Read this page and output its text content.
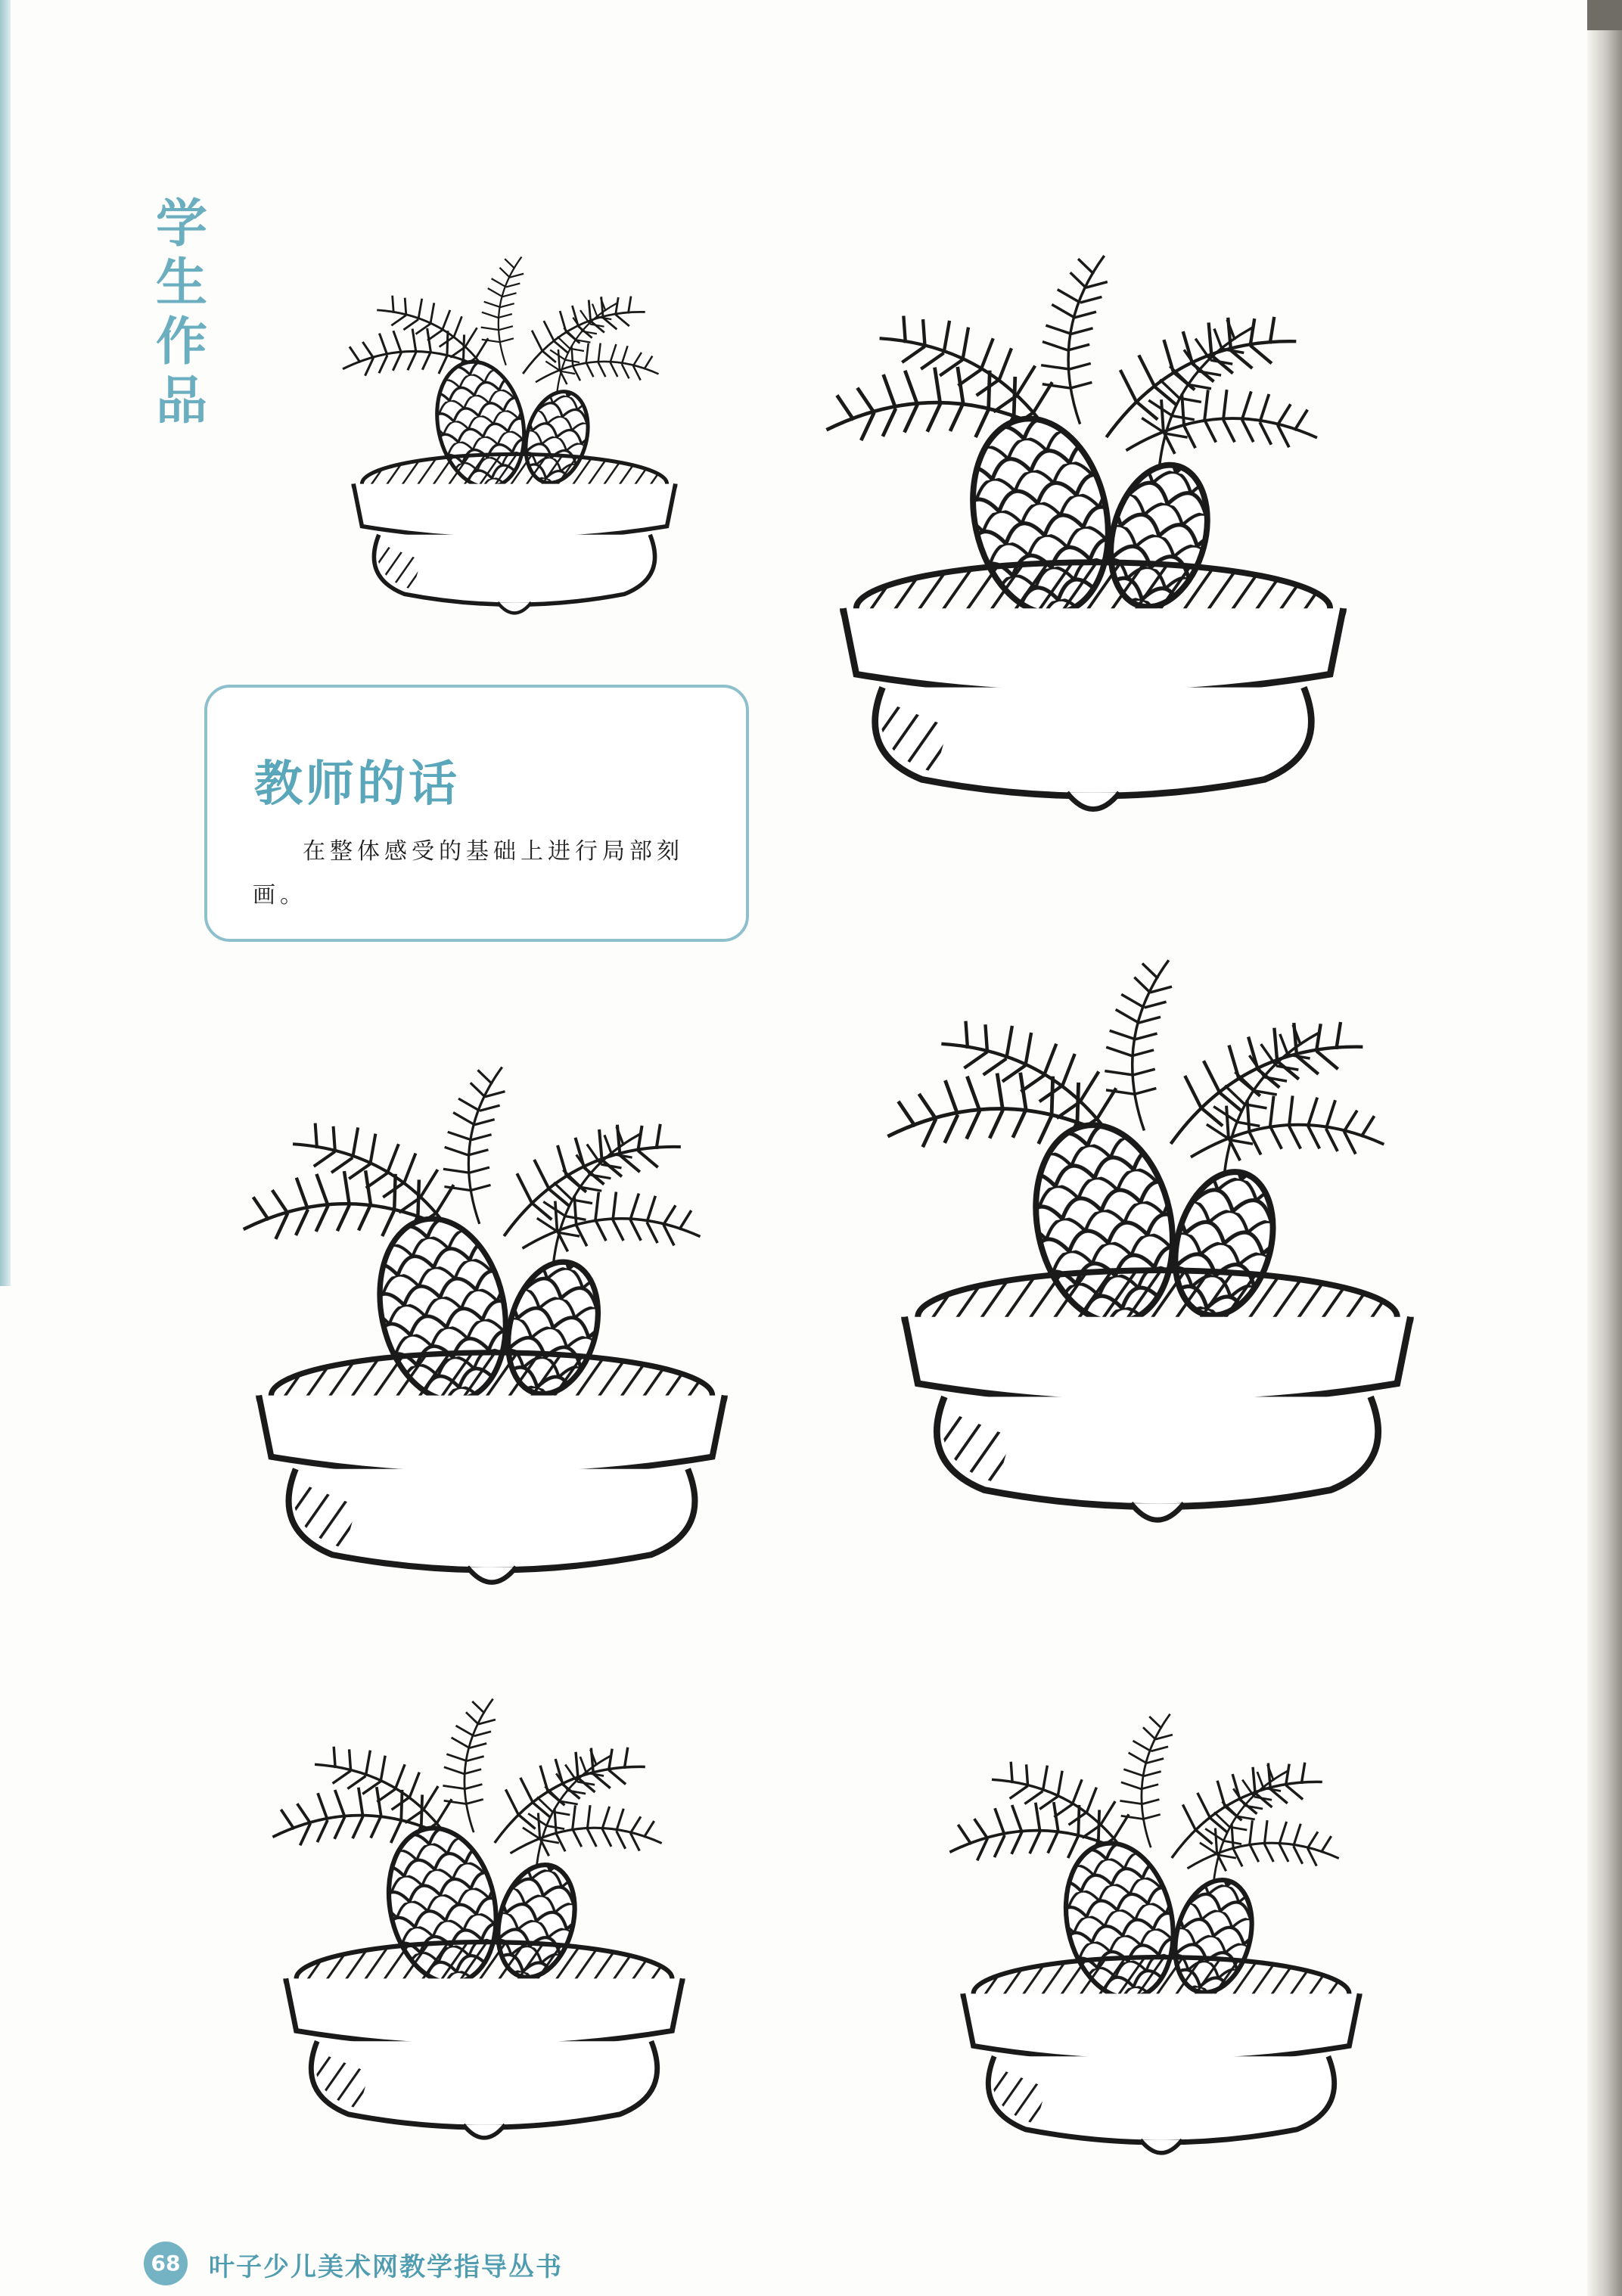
学
生
作
品
教师的话
在整体感受的基础上进行局部刻画。
68 叶子少儿美术网教学指导丛书
